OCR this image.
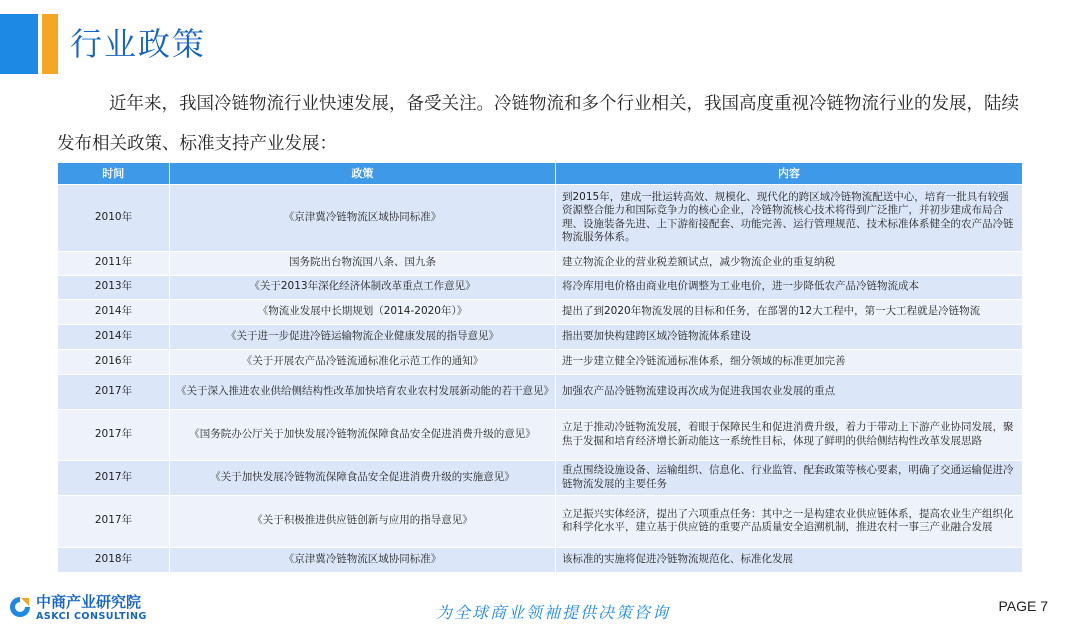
行业政策

近年来，我国冷链物流行业快速发展，备受关注。冷链物流和多个行业相关，我国高度重视冷链物流行业的发展，陆续发布相关政策、标准支持产业发展：

时间	政策	内容
2010年	《京津冀冷链物流区域协同标准》	到2015年，建成一批运转高效、规模化、现代化的跨区域冷链物流配送中心，培育一批具有较强资源整合能力和国际竞争力的核心企业，冷链物流核心技术将得到广泛推广，并初步建成布局合理、设施装备先进、上下游衔接配套、功能完善、运行管理规范、技术标准体系健全的农产品冷链物流服务体系。
2011年	国务院出台物流国八条、国九条	建立物流企业的营业税差额试点，减少物流企业的重复纳税
2013年	《关于2013年深化经济体制改革重点工作意见》	将冷库用电价格由商业电价调整为工业电价，进一步降低农产品冷链物流成本
2014年	《物流业发展中长期规划（2014-2020年）》	提出了到2020年物流发展的目标和任务，在部署的12大工程中，第一大工程就是冷链物流
2014年	《关于进一步促进冷链运输物流企业健康发展的指导意见》	指出要加快构建跨区域冷链物流体系建设
2016年	《关于开展农产品冷链流通标准化示范工作的通知》	进一步建立健全冷链流通标准体系，细分领域的标准更加完善
2017年	《关于深入推进农业供给侧结构性改革加快培育农业农村发展新动能的若干意见》	加强农产品冷链物流建设再次成为促进我国农业发展的重点
2017年	《国务院办公厅关于加快发展冷链物流保障食品安全促进消费升级的意见》	立足于推动冷链物流发展，着眼于保障民生和促进消费升级，着力于带动上下游产业协同发展，聚焦于发掘和培育经济增长新动能这一系统性目标，体现了鲜明的供给侧结构性改革发展思路
2017年	《关于加快发展冷链物流保障食品安全促进消费升级的实施意见》	重点围绕设施设备、运输组织、信息化、行业监管、配套政策等核心要素，明确了交通运输促进冷链物流发展的主要任务
2017年	《关于积极推进供应链创新与应用的指导意见》	立足振兴实体经济，提出了六项重点任务：其中之一是构建农业供应链体系，提高农业生产组织化和科学化水平，建立基于供应链的重要产品质量安全追溯机制，推进农村一事三产业融合发展
2018年	《京津冀冷链物流区域协同标准》	该标准的实施将促进冷链物流规范化、标准化发展
中商产业研究院
ASKCI CONSULTING	为全球商业领袖提供决策咨询	PAGE 7
